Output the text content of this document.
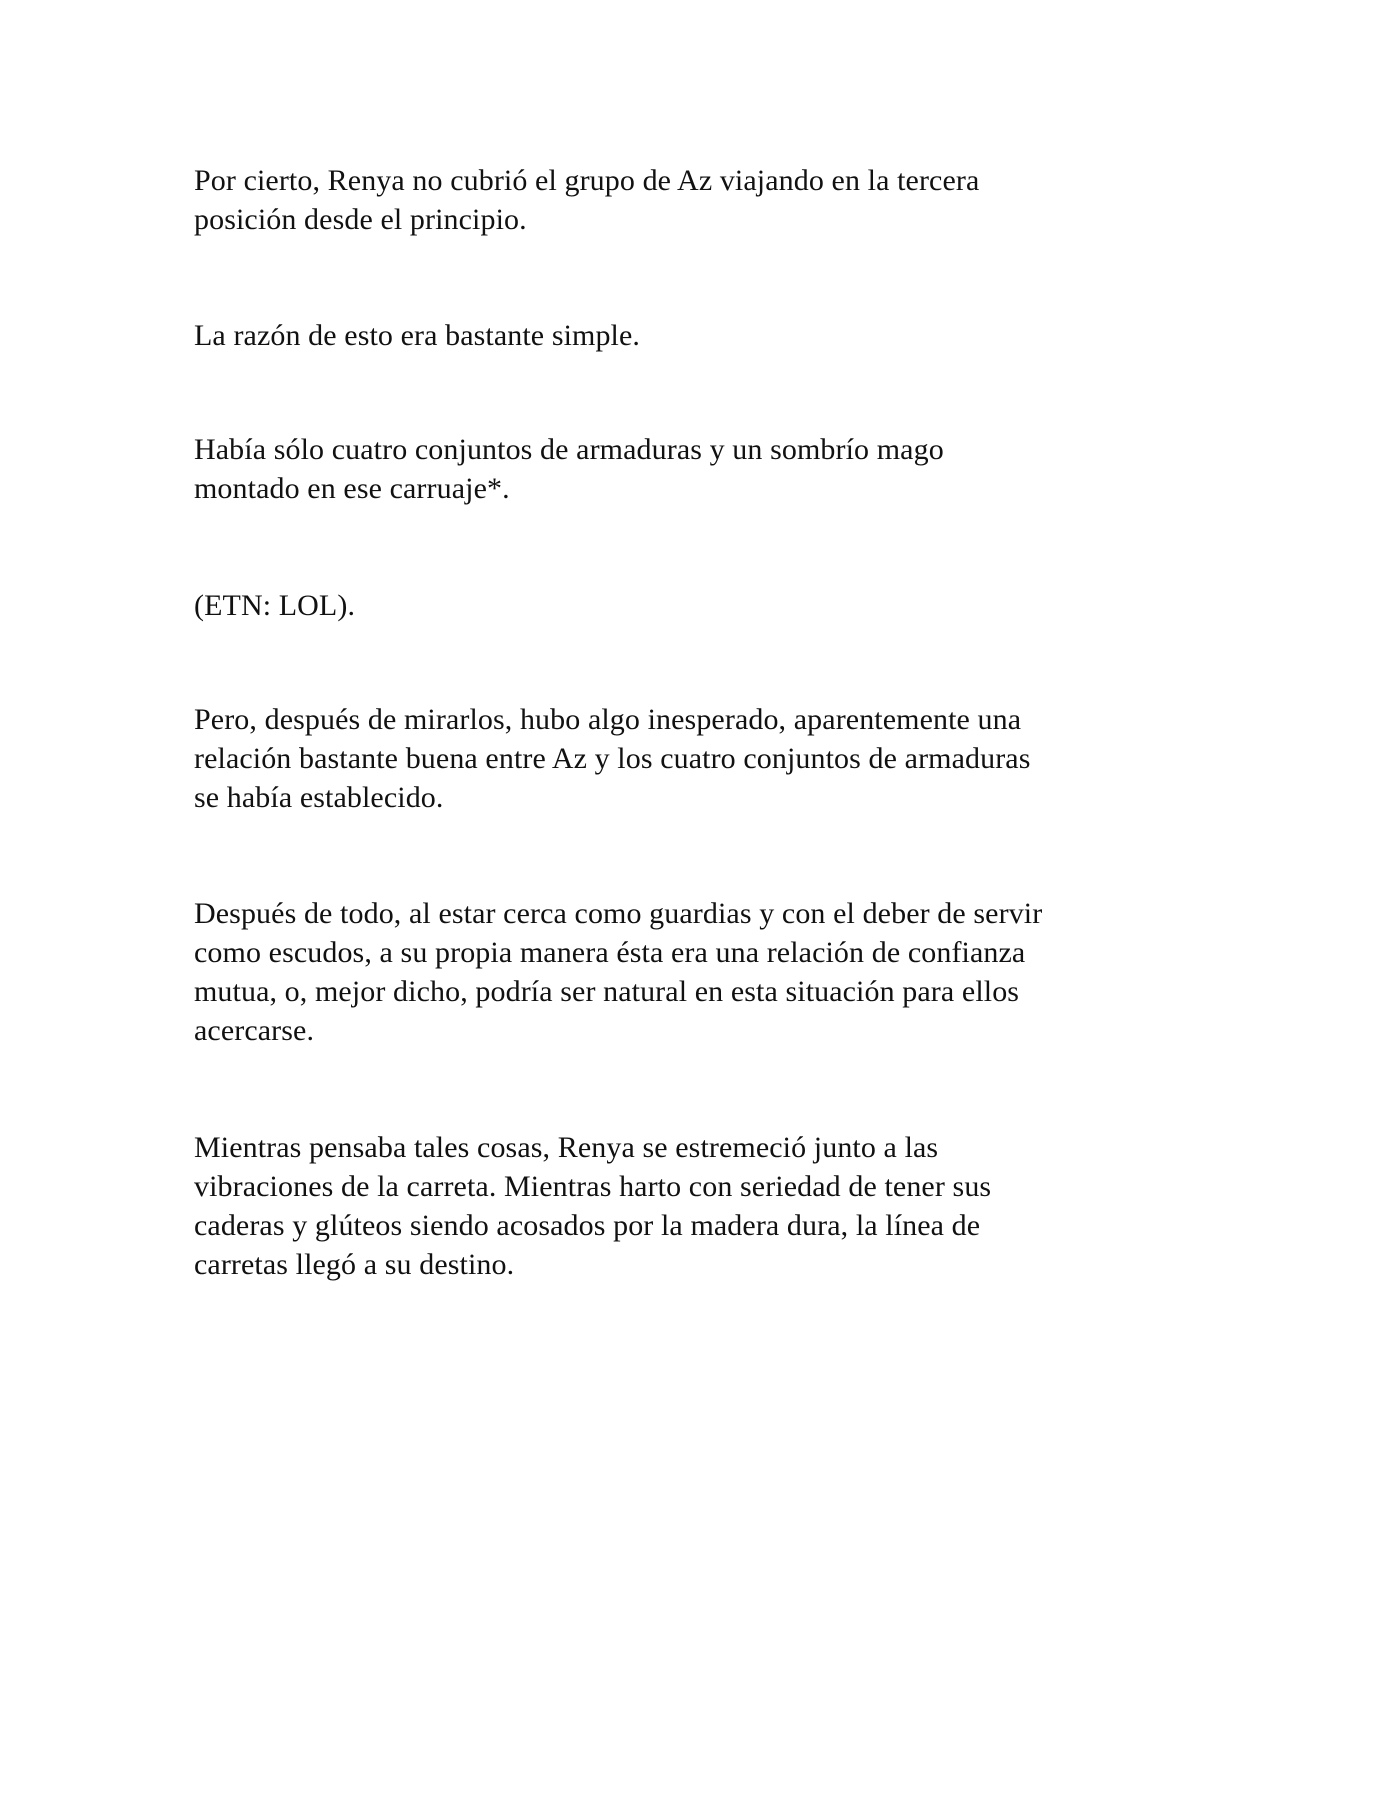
Por cierto, Renya no cubrió el grupo de Az viajando en la tercera
posición desde el principio.

La razón de esto era bastante simple.

Había sólo cuatro conjuntos de armaduras y un sombrío mago
montado en ese carruaje*.

(ETN: LOL).

Pero, después de mirarlos, hubo algo inesperado, aparentemente una
relación bastante buena entre Az y los cuatro conjuntos de armaduras
se había establecido.

Después de todo, al estar cerca como guardias y con el deber de servir
como escudos, a su propia manera ésta era una relación de confianza
mutua, o, mejor dicho, podría ser natural en esta situación para ellos
acercarse.

Mientras pensaba tales cosas, Renya se estremeció junto a las
vibraciones de la carreta. Mientras harto con seriedad de tener sus
caderas y glúteos siendo acosados por la madera dura, la línea de
carretas llegó a su destino.
